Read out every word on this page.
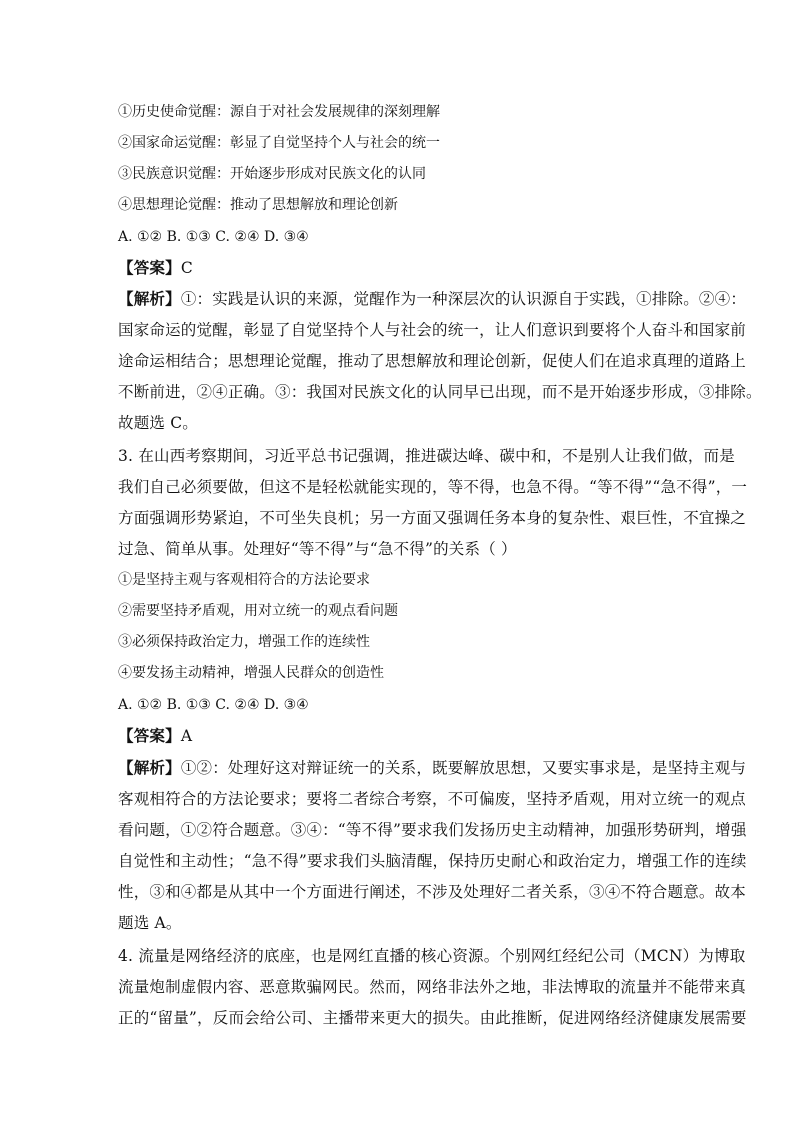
①历史使命觉醒：源自于对社会发展规律的深刻理解
②国家命运觉醒：彰显了自觉坚持个人与社会的统一
③民族意识觉醒：开始逐步形成对民族文化的认同
④思想理论觉醒：推动了思想解放和理论创新
A. ①② B. ①③ C. ②④ D. ③④
【答案】C
【解析】①：实践是认识的来源，觉醒作为一种深层次的认识源自于实践，①排除。②④：
国家命运的觉醒，彰显了自觉坚持个人与社会的统一，让人们意识到要将个人奋斗和国家前
途命运相结合；思想理论觉醒，推动了思想解放和理论创新，促使人们在追求真理的道路上
不断前进，②④正确。③：我国对民族文化的认同早已出现，而不是开始逐步形成，③排除。
故题选 C。
3. 在山西考察期间，习近平总书记强调，推进碳达峰、碳中和，不是别人让我们做，而是
我们自己必须要做，但这不是轻松就能实现的，等不得，也急不得。“等不得”“急不得”，一
方面强调形势紧迫，不可坐失良机；另一方面又强调任务本身的复杂性、艰巨性，不宜操之
过急、简单从事。处理好“等不得”与“急不得”的关系（ ）
①是坚持主观与客观相符合的方法论要求
②需要坚持矛盾观，用对立统一的观点看问题
③必须保持政治定力，增强工作的连续性
④要发扬主动精神，增强人民群众的创造性
A. ①② B. ①③ C. ②④ D. ③④
【答案】A
【解析】①②：处理好这对辩证统一的关系，既要解放思想，又要实事求是，是坚持主观与
客观相符合的方法论要求；要将二者综合考察，不可偏废，坚持矛盾观，用对立统一的观点
看问题，①②符合题意。③④：“等不得”要求我们发扬历史主动精神，加强形势研判，增强
自觉性和主动性；“急不得”要求我们头脑清醒，保持历史耐心和政治定力，增强工作的连续
性，③和④都是从其中一个方面进行阐述，不涉及处理好二者关系，③④不符合题意。故本
题选 A。
4. 流量是网络经济的底座，也是网红直播的核心资源。个别网红经纪公司（MCN）为博取
流量炮制虚假内容、恶意欺骗网民。然而，网络非法外之地，非法博取的流量并不能带来真
正的“留量”，反而会给公司、主播带来更大的损失。由此推断，促进网络经济健康发展需要
